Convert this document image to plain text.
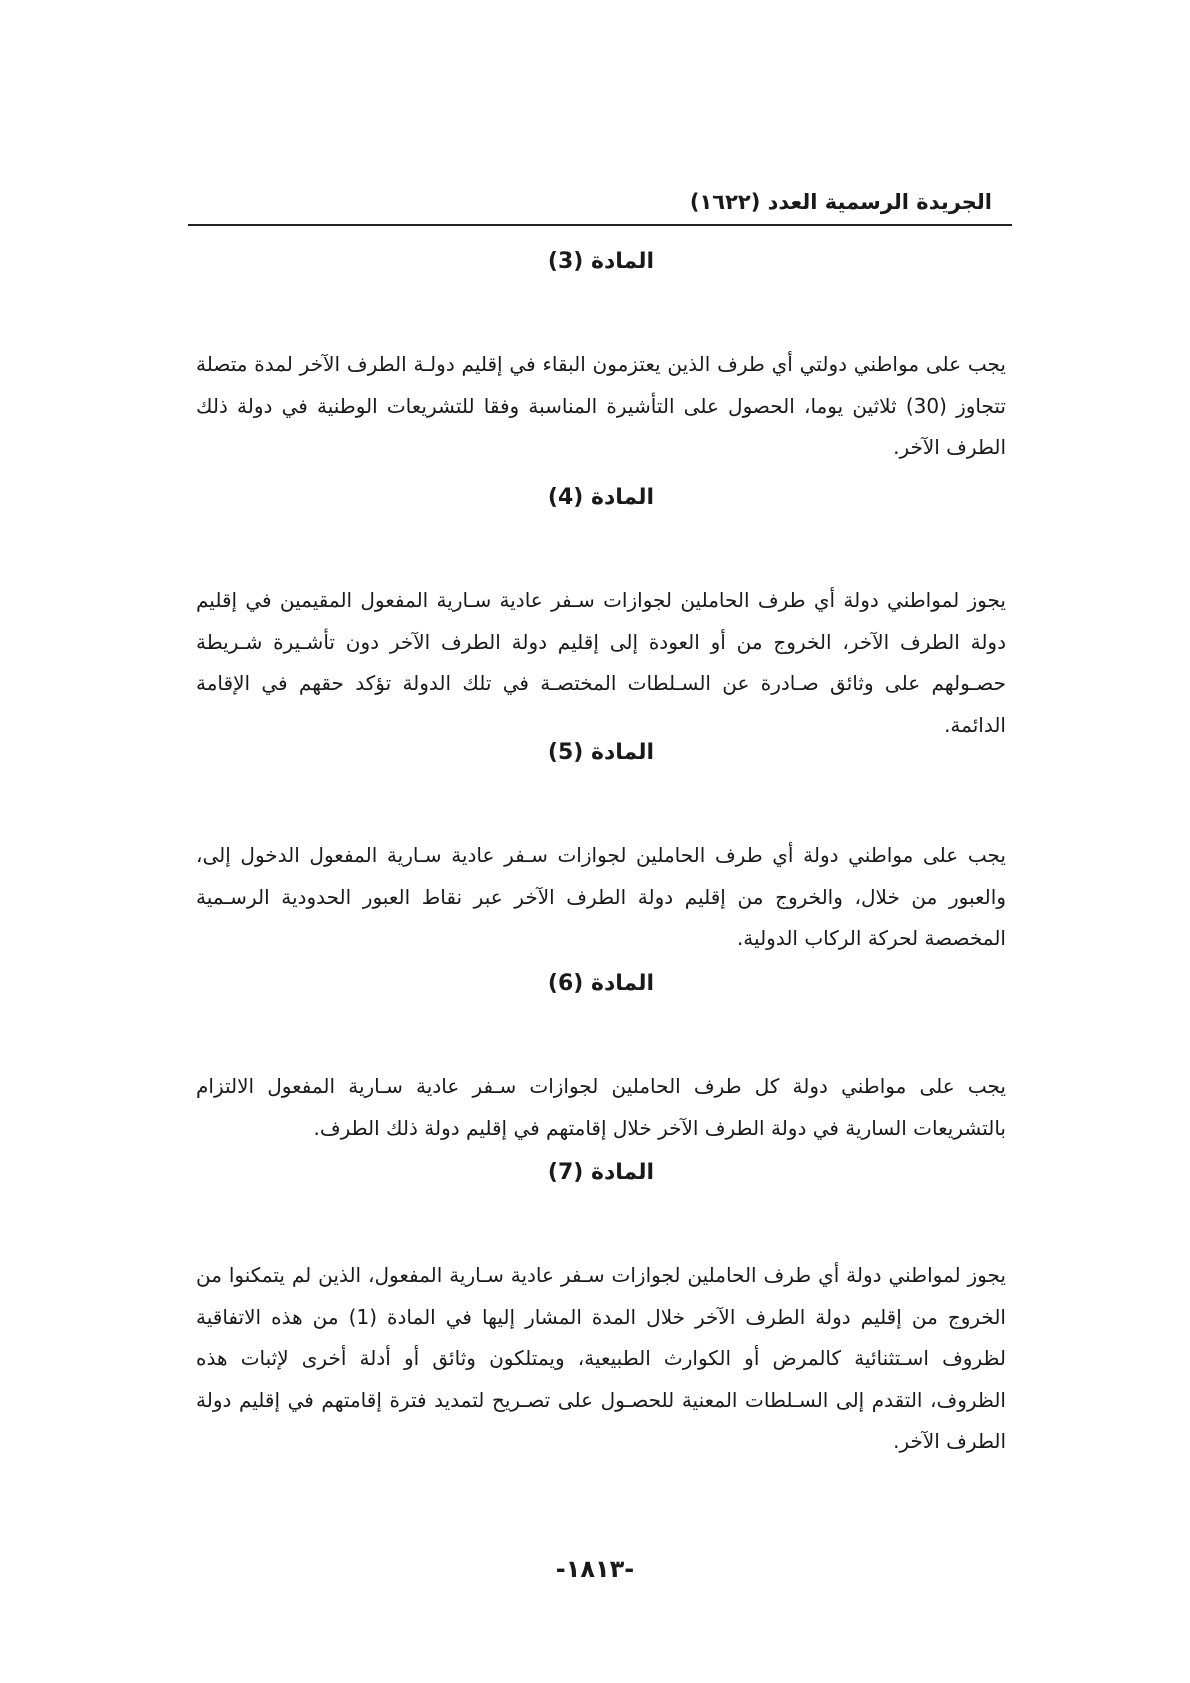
الجريدة الرسمية العدد (١٦٢٢)
المادة (3)
يجب على مواطني دولتي أي طرف الذين يعتزمون البقاء في إقليم دولـة الطرف الآخر لمدة متصلة تتجاوز (30) ثلاثين يوما، الحصول على التأشيرة المناسبة وفقا للتشريعات الوطنية في دولة ذلك الطرف الآخر.
المادة (4)
يجوز لمواطني دولة أي طرف الحاملين لجوازات سـفر عادية سـارية المفعول المقيمين في إقليم دولة الطرف الآخر، الخروج من أو العودة إلى إقليم دولة الطرف الآخر دون تأشـيرة شـريطة حصـولهم على وثائق صـادرة عن السـلطات المختصـة في تلك الدولة تؤكد حقهم في الإقامة الدائمة.
المادة (5)
يجب على مواطني دولة أي طرف الحاملين لجوازات سـفر عادية سـارية المفعول الدخول إلى، والعبور من خلال، والخروج من إقليم دولة الطرف الآخر عبر نقاط العبور الحدودية الرسـمية المخصصة لحركة الركاب الدولية.
المادة (6)
يجب على مواطني دولة كل طرف الحاملين لجوازات سـفر عادية سـارية المفعول الالتزام بالتشريعات السارية في دولة الطرف الآخر خلال إقامتهم في إقليم دولة ذلك الطرف.
المادة (7)
يجوز لمواطني دولة أي طرف الحاملين لجوازات سـفر عادية سـارية المفعول، الذين لم يتمكنوا من الخروج من إقليم دولة الطرف الآخر خلال المدة المشار إليها في المادة (1) من هذه الاتفاقية لظروف اسـتثنائية كالمرض أو الكوارث الطبيعية، ويمتلكون وثائق أو أدلة أخرى لإثبات هذه الظروف، التقدم إلى السـلطات المعنية للحصـول على تصـريح لتمديد فترة إقامتهم في إقليم دولة الطرف الآخر.
-١٨١٣-
